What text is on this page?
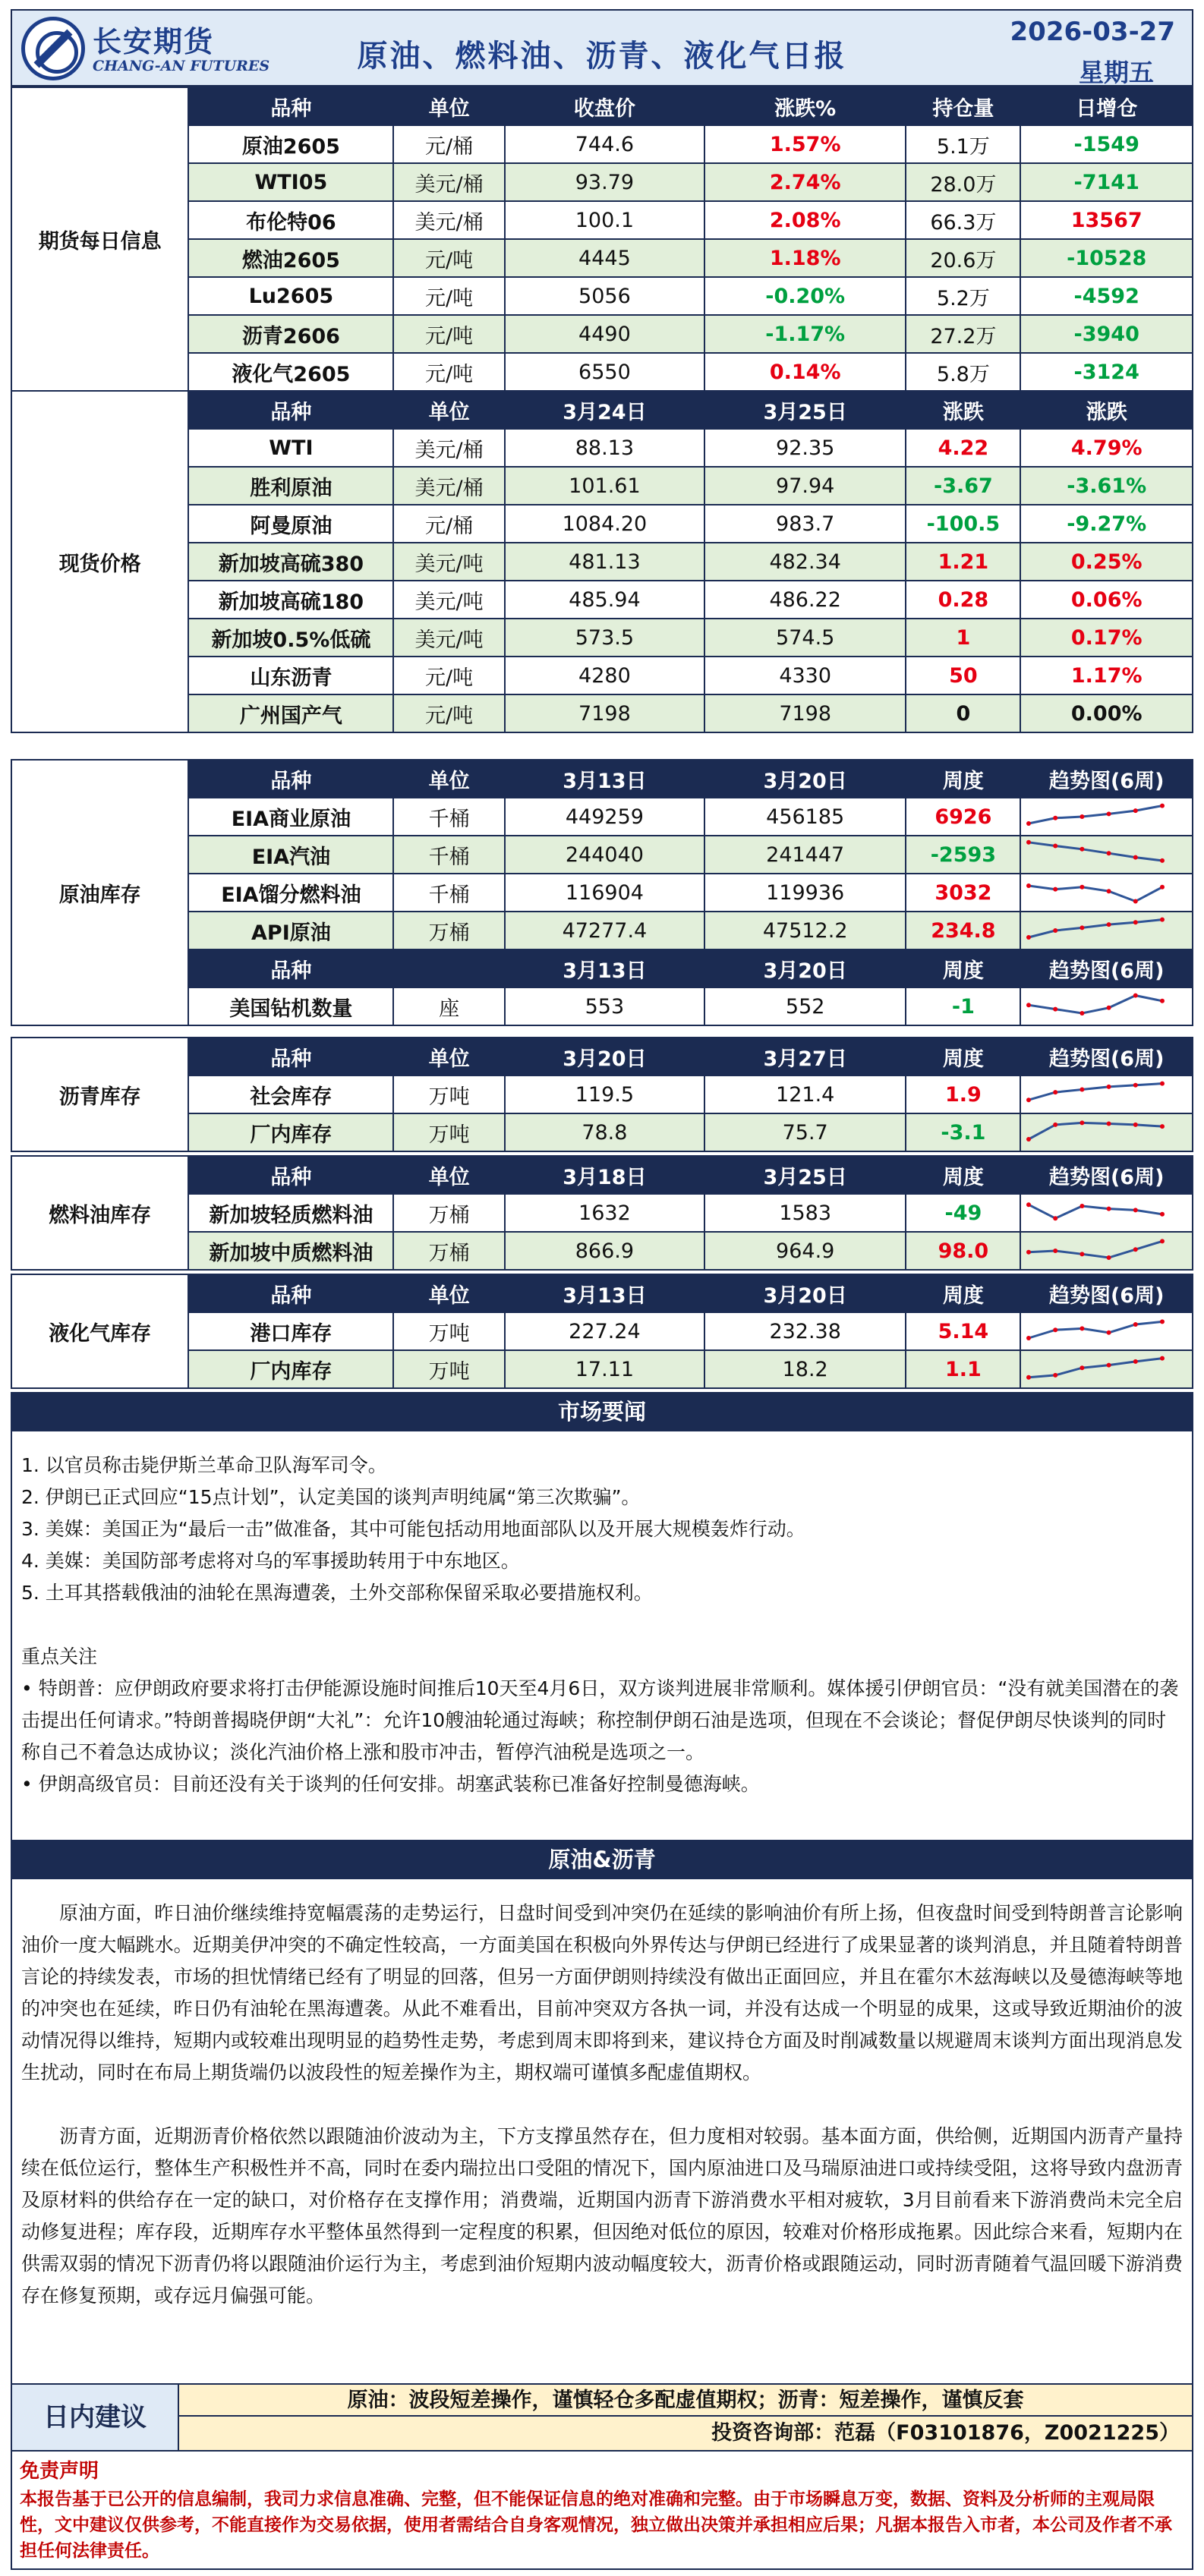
长安期货
CHANG-AN FUTURES	原油、燃料油、沥青、液化气日报
2026-03-27
星期五
期货每日信息	品种	单位	收盘价	涨跌%	持仓量	日增仓
	原油2605	元/桶	744.6	1.57%	5.1万	-1549
	WTI05	美元/桶	93.79	2.74%	28.0万	-7141
	布伦特06	美元/桶	100.1	2.08%	66.3万	13567
	燃油2605	元/吨	4445	1.18%	20.6万	-10528
	Lu2605	元/吨	5056	-0.20%	5.2万	-4592
	沥青2606	元/吨	4490	-1.17%	27.2万	-3940
	液化气2605	元/吨	6550	0.14%	5.8万	-3124
现货价格	品种	单位	3月24日	3月25日	涨跌	涨跌
	WTI	美元/桶	88.13	92.35	4.22	4.79%
	胜利原油	美元/桶	101.61	97.94	-3.67	-3.61%
	阿曼原油	元/桶	1084.20	983.7	-100.5	-9.27%
	新加坡高硫380	美元/吨	481.13	482.34	1.21	0.25%
	新加坡高硫180	美元/吨	485.94	486.22	0.28	0.06%
	新加坡0.5%低硫	美元/吨	573.5	574.5	1	0.17%
	山东沥青	元/吨	4280	4330	50	1.17%
	广州国产气	元/吨	7198	7198	0	0.00%
原油库存	品种	单位	3月13日	3月20日	周度	趋势图(6周)
	EIA商业原油	千桶	449259	456185	6926	

	EIA汽油	千桶	244040	241447	-2593	

	EIA馏分燃料油	千桶	116904	119936	3032	

	API原油	万桶	47277.4	47512.2	234.8	

	品种		3月13日	3月20日	周度	趋势图(6周)
	美国钻机数量	座	553	552	-1	
沥青库存	品种	单位	3月20日	3月27日	周度	趋势图(6周)
	社会库存	万吨	119.5	121.4	1.9	

	厂内库存	万吨	78.8	75.7	-3.1	
燃料油库存	品种	单位	3月18日	3月25日	周度	趋势图(6周)
	新加坡轻质燃料油	万桶	1632	1583	-49	

	新加坡中质燃料油	万桶	866.9	964.9	98.0	
液化气库存	品种	单位	3月13日	3月20日	周度	趋势图(6周)
	港口库存	万吨	227.24	232.38	5.14	

	厂内库存	万吨	17.11	18.2	1.1	
市场要闻

1. 以官员称击毙伊斯兰革命卫队海军司令。

2. 伊朗已正式回应“15点计划”，认定美国的谈判声明纯属“第三次欺骗”。

3. 美媒：美国正为“最后一击”做准备，其中可能包括动用地面部队以及开展大规模轰炸行动。

4. 美媒：美国防部考虑将对乌的军事援助转用于中东地区。

5. 土耳其搭载俄油的油轮在黑海遭袭，土外交部称保留采取必要措施权利。

重点关注

• 特朗普：应伊朗政府要求将打击伊能源设施时间推后10天至4月6日，双方谈判进展非常顺利。媒体援引伊朗官员：“没有就美国潜在的袭击提出任何请求。”特朗普揭晓伊朗“大礼”：允许10艘油轮通过海峡；称控制伊朗石油是选项，但现在不会谈论；督促伊朗尽快谈判的同时称自己不着急达成协议；淡化汽油价格上涨和股市冲击，暂停汽油税是选项之一。

• 伊朗高级官员：目前还没有关于谈判的任何安排。胡塞武装称已准备好控制曼德海峡。

原油&沥青

原油方面，昨日油价继续维持宽幅震荡的走势运行，日盘时间受到冲突仍在延续的影响油价有所上扬，但夜盘时间受到特朗普言论影响油价一度大幅跳水。近期美伊冲突的不确定性较高，一方面美国在积极向外界传达与伊朗已经进行了成果显著的谈判消息，并且随着特朗普言论的持续发表，市场的担忧情绪已经有了明显的回落，但另一方面伊朗则持续没有做出正面回应，并且在霍尔木兹海峡以及曼德海峡等地的冲突也在延续，昨日仍有油轮在黑海遭袭。从此不难看出，目前冲突双方各执一词，并没有达成一个明显的成果，这或导致近期油价的波动情况得以维持，短期内或较难出现明显的趋势性走势，考虑到周末即将到来，建议持仓方面及时削减数量以规避周末谈判方面出现消息发生扰动，同时在布局上期货端仍以波段性的短差操作为主，期权端可谨慎多配虚值期权。

沥青方面，近期沥青价格依然以跟随油价波动为主，下方支撑虽然存在，但力度相对较弱。基本面方面，供给侧，近期国内沥青产量持续在低位运行，整体生产积极性并不高，同时在委内瑞拉出口受阻的情况下，国内原油进口及马瑞原油进口或持续受阻，这将导致内盘沥青及原材料的供给存在一定的缺口，对价格存在支撑作用；消费端，近期国内沥青下游消费水平相对疲软，3月目前看来下游消费尚未完全启动修复进程；库存段，近期库存水平整体虽然得到一定程度的积累，但因绝对低位的原因，较难对价格形成拖累。因此综合来看，短期内在供需双弱的情况下沥青仍将以跟随油价运行为主，考虑到油价短期内波动幅度较大，沥青价格或跟随运动，同时沥青随着气温回暖下游消费存在修复预期，或存远月偏强可能。

日内建议
原油：波段短差操作，谨慎轻仓多配虚值期权；沥青：短差操作，谨慎反套
投资咨询部：范磊（F03101876，Z0021225）
免责声明
本报告基于已公开的信息编制，我司力求信息准确、完整，但不能保证信息的绝对准确和完整。由于市场瞬息万变，数据、资料及分析师的主观局限性，文中建议仅供参考，不能直接作为交易依据，使用者需结合自身客观情况，独立做出决策并承担相应后果；凡据本报告入市者，本公司及作者不承担任何法律责任。
